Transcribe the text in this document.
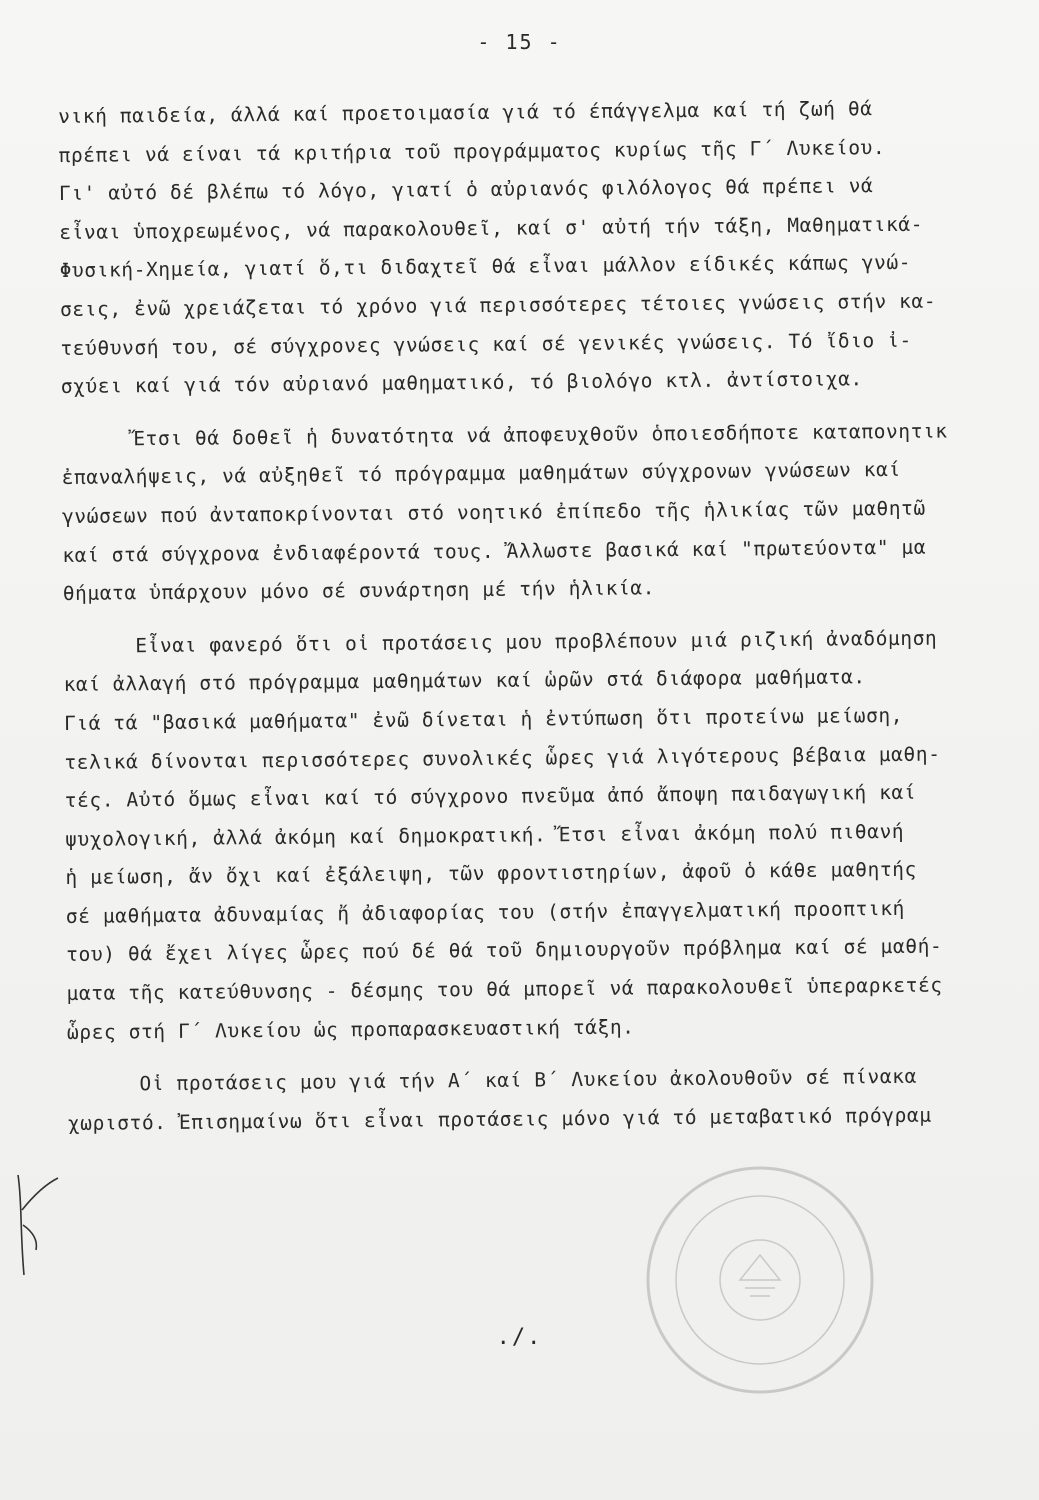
- 15 -
νική παιδεία, άλλά καί προετοιμασία γιά τό έπάγγελμα καί τή ζωή θά
πρέπει νά είναι τά κριτήρια τοῦ προγράμματος κυρίως τῆς Γ΄ Λυκείου.
Γι' αὐτό δέ βλέπω τό λόγο, γιατί ὁ αὐριανός φιλόλογος θά πρέπει νά
εἶναι ὑποχρεωμένος, νά παρακολουθεῖ, καί σ' αὐτή τήν τάξη, Μαθηματικά-
Φυσική-Χημεία, γιατί ὅ,τι διδαχτεῖ θά εἶναι μάλλον είδικές κάπως γνώ-
σεις, ἐνῶ χρειάζεται τό χρόνο γιά περισσότερες τέτοιες γνώσεις στήν κα-
τεύθυνσή του, σέ σύγχρονες γνώσεις καί σέ γενικές γνώσεις. Τό ἴδιο ἰ-
σχύει καί γιά τόν αὐριανό μαθηματικό, τό βιολόγο κτλ. ἀντίστοιχα.
Ἔτσι θά δοθεῖ ἡ δυνατότητα νά ἀποφευχθοῦν ὁποιεσδήποτε καταπονητικ
ἐπαναλήψεις, νά αὐξηθεῖ τό πρόγραμμα μαθημάτων σύγχρονων γνώσεων καί
γνώσεων πού ἀνταποκρίνονται στό νοητικό ἐπίπεδο τῆς ἡλικίας τῶν μαθητῶ
καί στά σύγχρονα ἐνδιαφέροντά τους. Ἄλλωστε βασικά καί "πρωτεύοντα" μα
θήματα ὑπάρχουν μόνο σέ συνάρτηση μέ τήν ἡλικία.
Εἶναι φανερό ὅτι οἱ προτάσεις μου προβλέπουν μιά ριζική ἀναδόμηση
καί ἀλλαγή στό πρόγραμμα μαθημάτων καί ὡρῶν στά διάφορα μαθήματα.
Γιά τά "βασικά μαθήματα" ἐνῶ δίνεται ἡ ἐντύπωση ὅτι προτείνω μείωση,
τελικά δίνονται περισσότερες συνολικές ὧρες γιά λιγότερους βέβαια μαθη-
τές. Αὐτό ὅμως εἶναι καί τό σύγχρονο πνεῦμα ἀπό ἄποψη παιδαγωγική καί
ψυχολογική, ἀλλά ἀκόμη καί δημοκρατική. Ἔτσι εἶναι ἀκόμη πολύ πιθανή
ἡ μείωση, ἄν ὄχι καί ἐξάλειψη, τῶν φροντιστηρίων, ἀφοῦ ὁ κάθε μαθητής
σέ μαθήματα ἀδυναμίας ἤ ἀδιαφορίας του (στήν ἐπαγγελματική προοπτική
του) θά ἔχει λίγες ὧρες πού δέ θά τοῦ δημιουργοῦν πρόβλημα καί σέ μαθή-
ματα τῆς κατεύθυνσης - δέσμης του θά μπορεῖ νά παρακολουθεῖ ὑπεραρκετές
ὧρες στή Γ΄ Λυκείου ὡς προπαρασκευαστική τάξη.
Οἱ προτάσεις μου γιά τήν Α΄ καί Β΄ Λυκείου ἀκολουθοῦν σέ πίνακα
χωριστό. Ἐπισημαίνω ὅτι εἶναι προτάσεις μόνο γιά τό μεταβατικό πρόγραμ
./.
